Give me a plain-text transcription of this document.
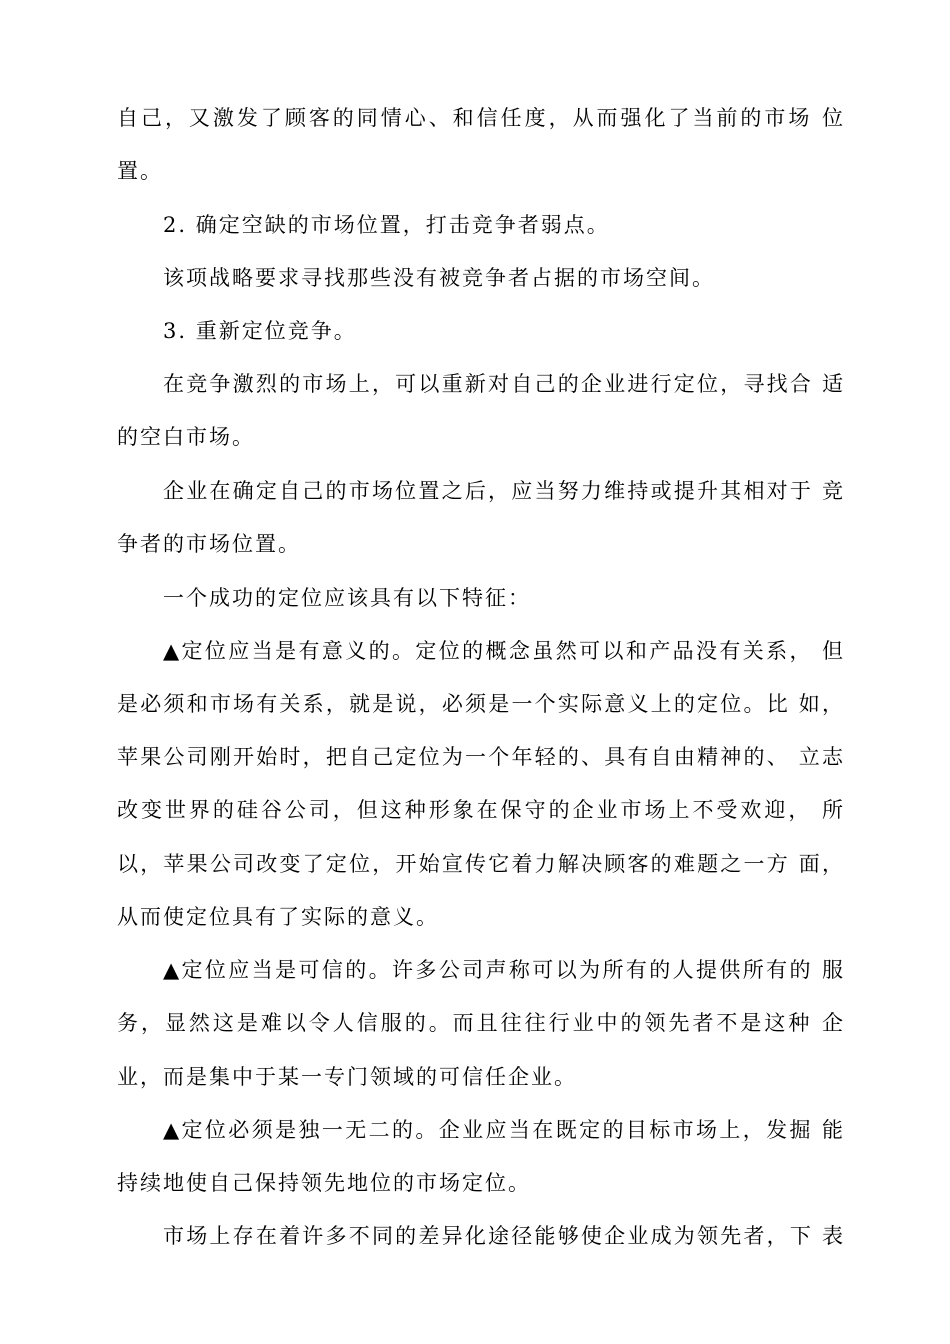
自己，又激发了顾客的同情心、和信任度，从而强化了当前的市场 位
置。
2. 确定空缺的市场位置，打击竞争者弱点。
该项战略要求寻找那些没有被竞争者占据的市场空间。
3. 重新定位竞争。
在竞争激烈的市场上，可以重新对自己的企业进行定位，寻找合 适
的空白市场。
企业在确定自己的市场位置之后，应当努力维持或提升其相对于 竞
争者的市场位置。
一个成功的定位应该具有以下特征：
▲定位应当是有意义的。定位的概念虽然可以和产品没有关系， 但
是必须和市场有关系，就是说，必须是一个实际意义上的定位。比 如，
苹果公司刚开始时，把自己定位为一个年轻的、具有自由精神的、 立志
改变世界的硅谷公司，但这种形象在保守的企业市场上不受欢迎， 所
以，苹果公司改变了定位，开始宣传它着力解决顾客的难题之一方 面，
从而使定位具有了实际的意义。
▲定位应当是可信的。许多公司声称可以为所有的人提供所有的 服
务，显然这是难以令人信服的。而且往往行业中的领先者不是这种 企
业，而是集中于某一专门领域的可信任企业。
▲定位必须是独一无二的。企业应当在既定的目标市场上，发掘 能
持续地使自己保持领先地位的市场定位。
市场上存在着许多不同的差异化途径能够使企业成为领先者，下 表
